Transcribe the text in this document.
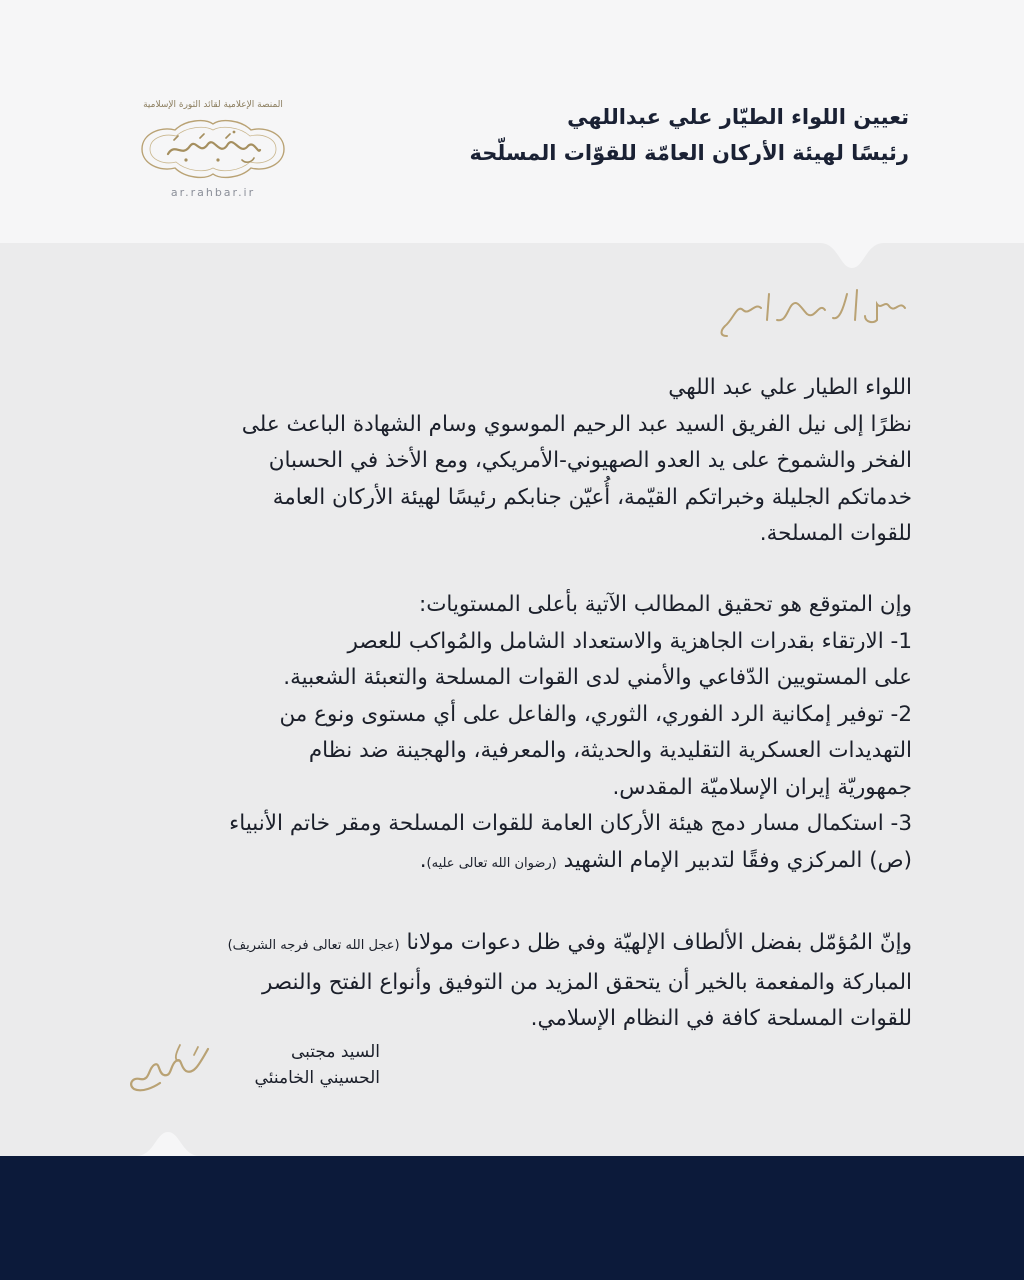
تعيين اللواء الطيّار علي عبداللهي
رئيسًا لهيئة الأركان العامّة للقوّات المسلّحة
المنصة الإعلامية لقائد الثورة الإسلامية
ar.rahbar.ir
اللواء الطيار علي عبد اللهي
نظرًا إلى نيل الفريق السيد عبد الرحيم الموسوي وسام الشهادة الباعث على
الفخر والشموخ على يد العدو الصهيوني-الأمريكي، ومع الأخذ في الحسبان
خدماتكم الجليلة وخبراتكم القيّمة، أُعيّن جنابكم رئيسًا لهيئة الأركان العامة
للقوات المسلحة.
وإن المتوقع هو تحقيق المطالب الآتية بأعلى المستويات:
1- الارتقاء بقدرات الجاهزية والاستعداد الشامل والمُواكب للعصر
على المستويين الدّفاعي والأمني لدى القوات المسلحة والتعبئة الشعبية.
2- توفير إمكانية الرد الفوري، الثوري، والفاعل على أي مستوى ونوع من
التهديدات العسكرية التقليدية والحديثة، والمعرفية، والهجينة ضد نظام
جمهوريّة إيران الإسلاميّة المقدس.
3- استكمال مسار دمج هيئة الأركان العامة للقوات المسلحة ومقر خاتم الأنبياء
(ص) المركزي وفقًا لتدبير الإمام الشهيد (رضوان الله تعالى عليه).
وإنّ المُؤمّل بفضل الألطاف الإلهيّة وفي ظل دعوات مولانا (عجل الله تعالى فرجه الشريف)
المباركة والمفعمة بالخير أن يتحقق المزيد من التوفيق وأنواع الفتح والنصر
للقوات المسلحة كافة في النظام الإسلامي.
السيد مجتبى
الحسيني الخامنئي
